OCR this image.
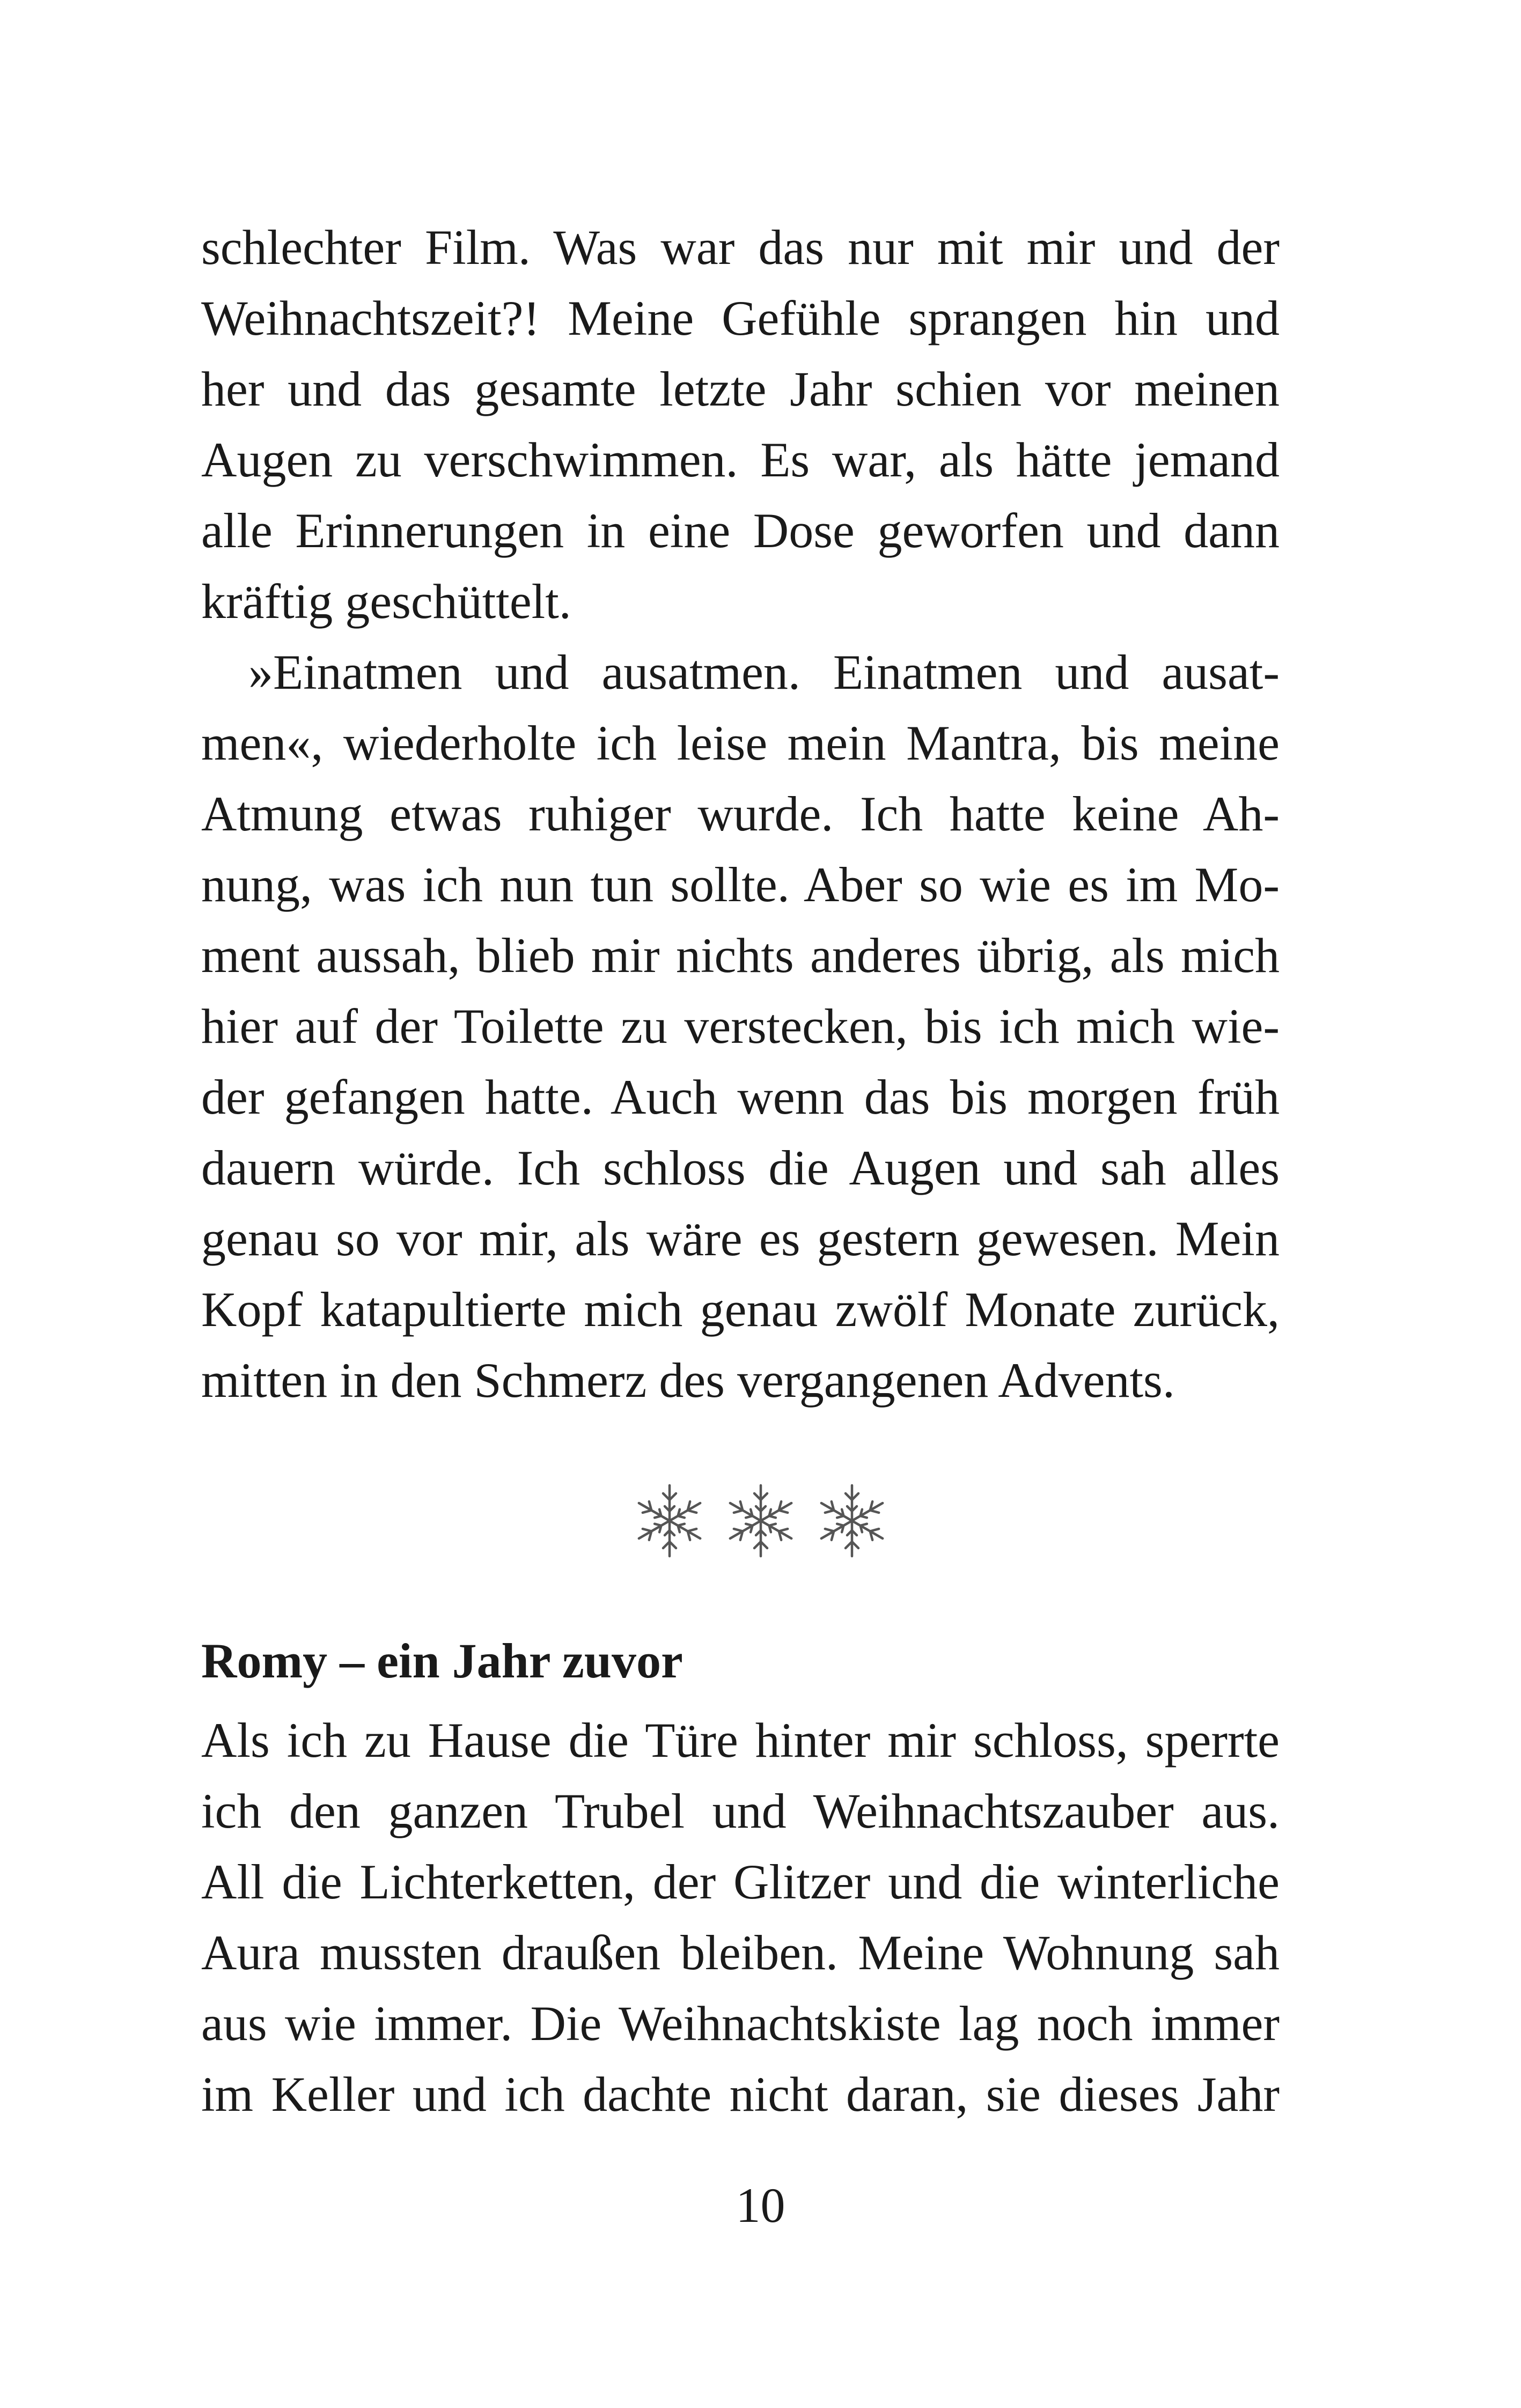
schlechter Film. Was war das nur mit mir und der
Weihnachtszeit?! Meine Gefühle sprangen hin und
her und das gesamte letzte Jahr schien vor meinen
Augen zu verschwimmen. Es war, als hätte jemand
alle Erinnerungen in eine Dose geworfen und dann
kräftig geschüttelt.
»Einatmen und ausatmen. Einatmen und ausat-
men«, wiederholte ich leise mein Mantra, bis meine
Atmung etwas ruhiger wurde. Ich hatte keine Ah-
nung, was ich nun tun sollte. Aber so wie es im Mo-
ment aussah, blieb mir nichts anderes übrig, als mich
hier auf der Toilette zu verstecken, bis ich mich wie-
der gefangen hatte. Auch wenn das bis morgen früh
dauern würde. Ich schloss die Augen und sah alles
genau so vor mir, als wäre es gestern gewesen. Mein
Kopf katapultierte mich genau zwölf Monate zurück,
mitten in den Schmerz des vergangenen Advents.
Romy – ein Jahr zuvor
Als ich zu Hause die Türe hinter mir schloss, sperrte
ich den ganzen Trubel und Weihnachtszauber aus.
All die Lichterketten, der Glitzer und die winterliche
Aura mussten draußen bleiben. Meine Wohnung sah
aus wie immer. Die Weihnachtskiste lag noch immer
im Keller und ich dachte nicht daran, sie dieses Jahr
10
